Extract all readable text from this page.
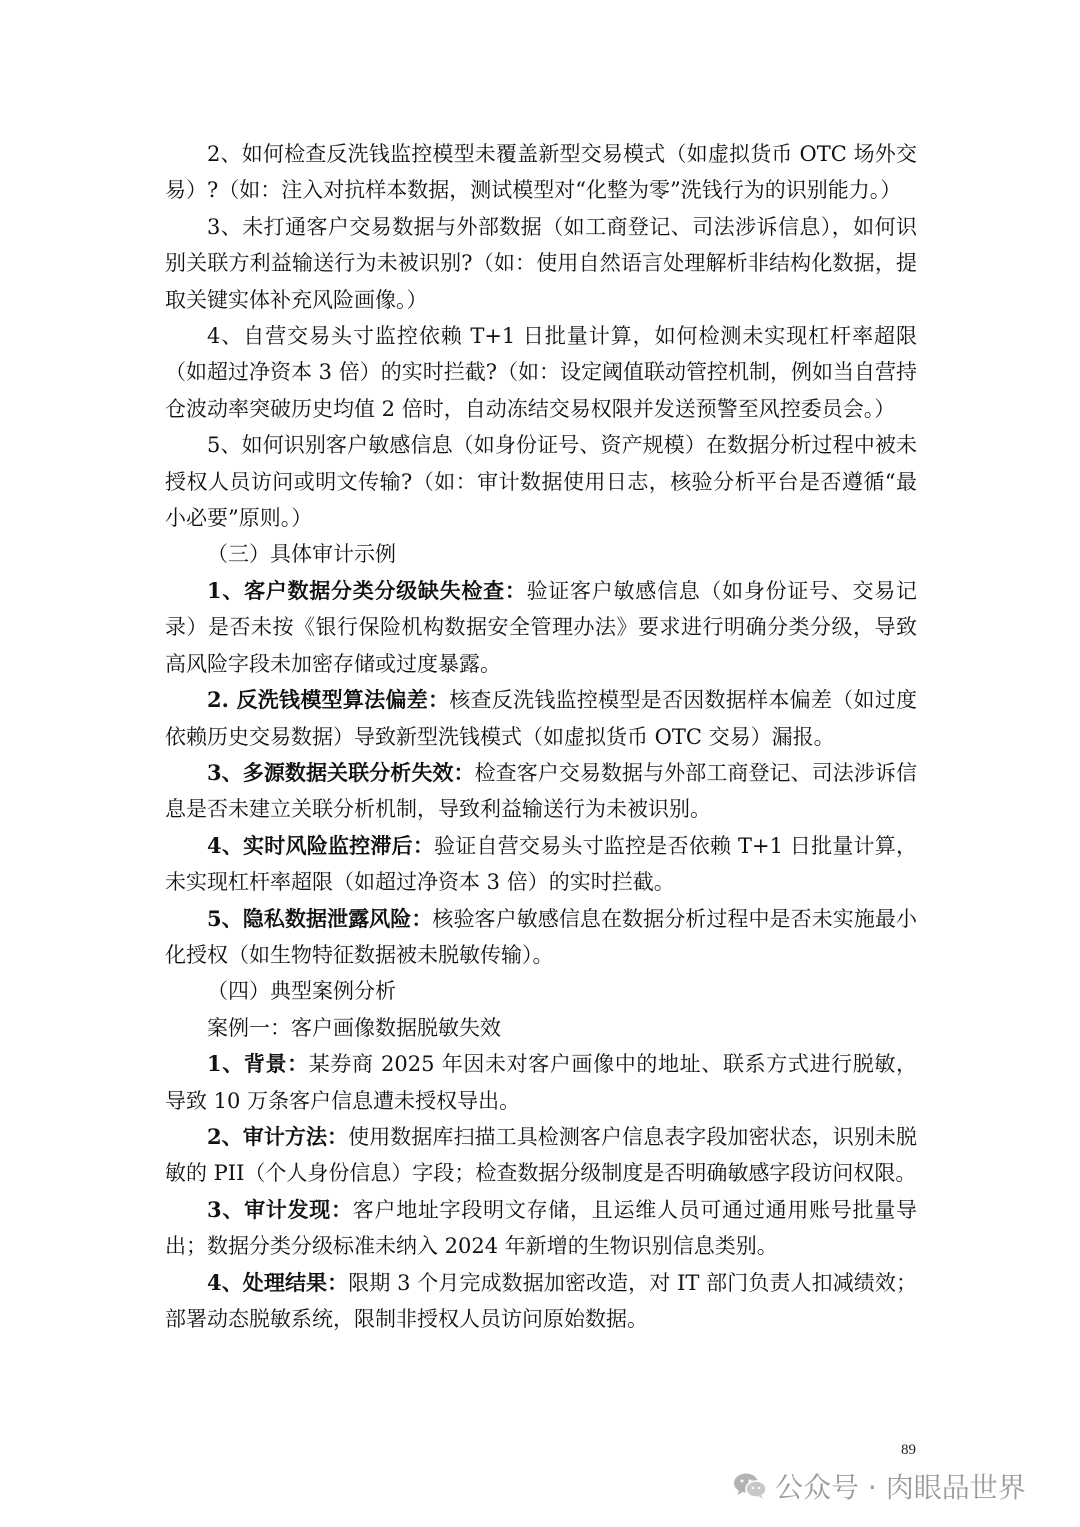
2、如何检查反洗钱监控模型未覆盖新型交易模式（如虚拟货币 OTC 场外交易）?（如：注入对抗样本数据，测试模型对“化整为零”洗钱行为的识别能力。）

3、未打通客户交易数据与外部数据（如工商登记、司法涉诉信息），如何识别关联方利益输送行为未被识别?（如：使用自然语言处理解析非结构化数据，提取关键实体补充风险画像。）

4、自营交易头寸监控依赖 T+1 日批量计算，如何检测未实现杠杆率超限（如超过净资本 3 倍）的实时拦截?（如：设定阈值联动管控机制，例如当自营持仓波动率突破历史均值 2 倍时，自动冻结交易权限并发送预警至风控委员会。）

5、如何识别客户敏感信息（如身份证号、资产规模）在数据分析过程中被未授权人员访问或明文传输?（如：审计数据使用日志，核验分析平台是否遵循“最小必要”原则。）

（三）具体审计示例

1、客户数据分类分级缺失检查：验证客户敏感信息（如身份证号、交易记录）是否未按《银行保险机构数据安全管理办法》要求进行明确分类分级，导致高风险字段未加密存储或过度暴露。

2. 反洗钱模型算法偏差：核查反洗钱监控模型是否因数据样本偏差（如过度依赖历史交易数据）导致新型洗钱模式（如虚拟货币 OTC 交易）漏报。

3、多源数据关联分析失效：检查客户交易数据与外部工商登记、司法涉诉信息是否未建立关联分析机制，导致利益输送行为未被识别。

4、实时风险监控滞后：验证自营交易头寸监控是否依赖 T+1 日批量计算，未实现杠杆率超限（如超过净资本 3 倍）的实时拦截。

5、隐私数据泄露风险：核验客户敏感信息在数据分析过程中是否未实施最小化授权（如生物特征数据被未脱敏传输）。

（四）典型案例分析

案例一：客户画像数据脱敏失效

1、背景：某券商 2025 年因未对客户画像中的地址、联系方式进行脱敏，导致 10 万条客户信息遭未授权导出。

2、审计方法：使用数据库扫描工具检测客户信息表字段加密状态，识别未脱敏的 PII（个人身份信息）字段；检查数据分级制度是否明确敏感字段访问权限。

3、审计发现：客户地址字段明文存储，且运维人员可通过通用账号批量导出；数据分类分级标准未纳入 2024 年新增的生物识别信息类别。

4、处理结果：限期 3 个月完成数据加密改造，对 IT 部门负责人扣减绩效；部署动态脱敏系统，限制非授权人员访问原始数据。

89
公众号 · 肉眼品世界
